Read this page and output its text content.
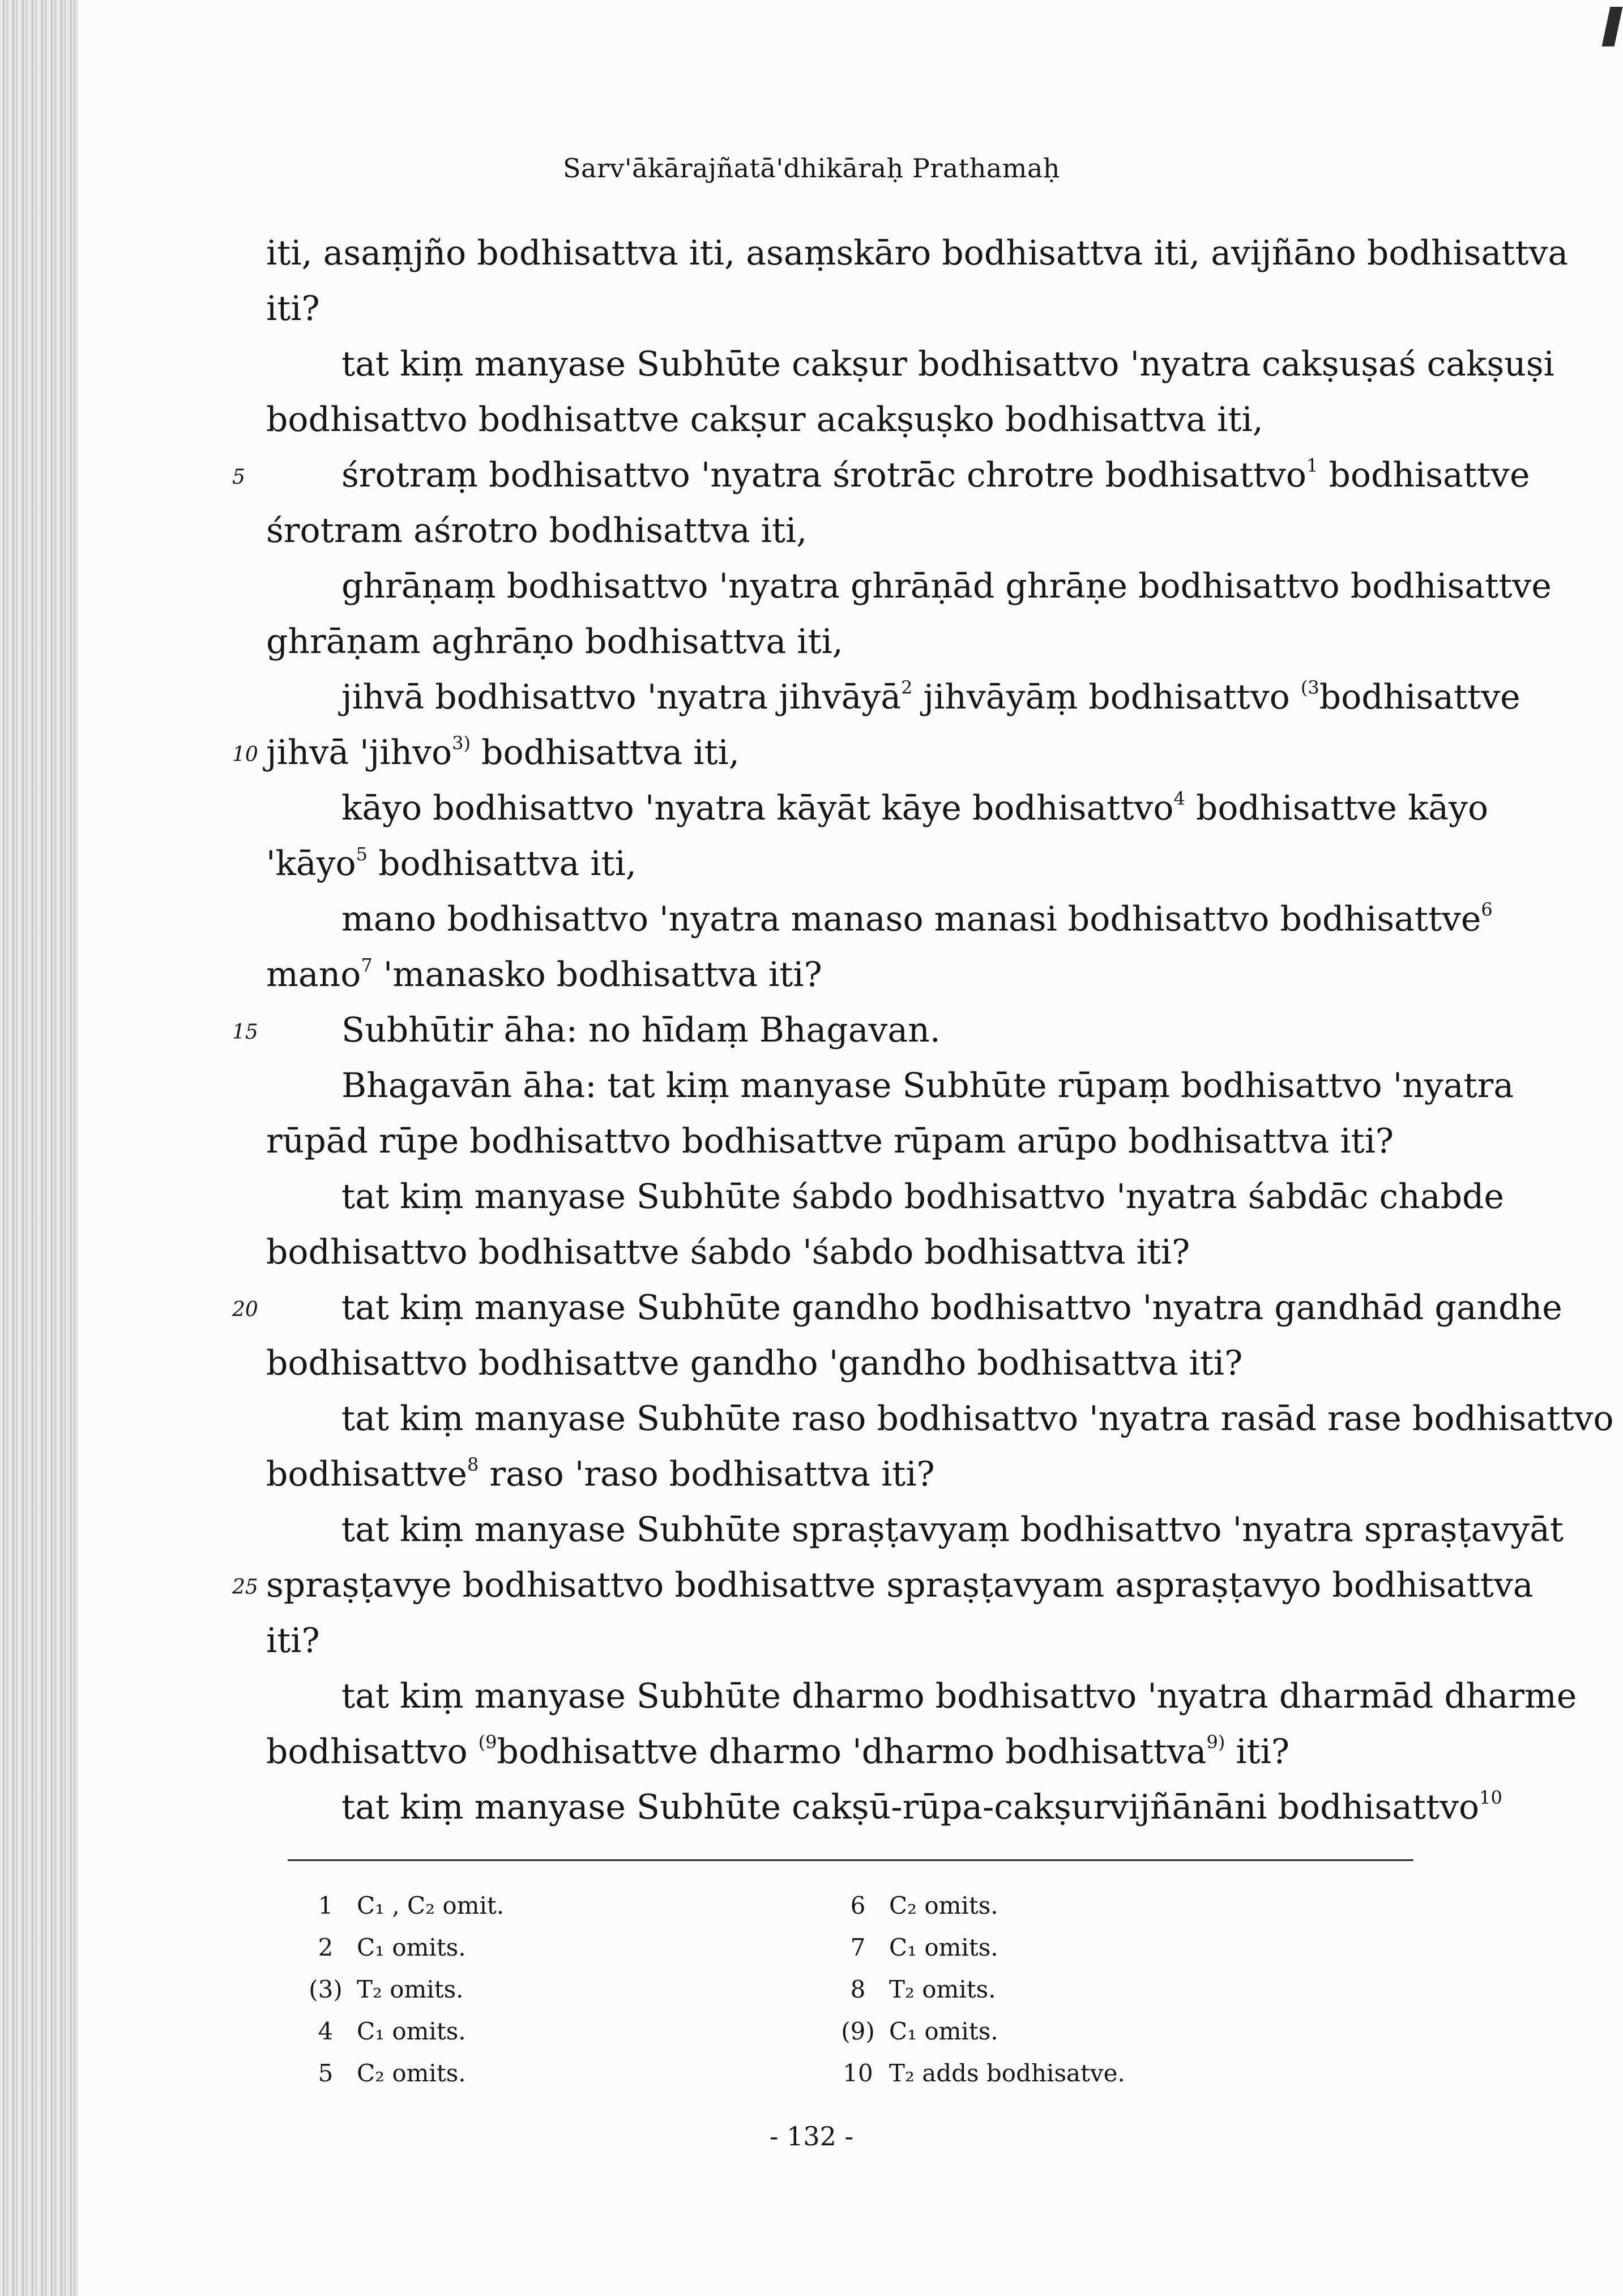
Sarv'ākārajñatā'dhikāraḥ Prathamaḥ
iti, asaṃjño bodhisattva iti, asaṃskāro bodhisattva iti, avijñāno bodhisattva
iti?
tat kiṃ manyase Subhūte cakṣur bodhisattvo 'nyatra cakṣuṣaś cakṣuṣi
bodhisattvo bodhisattve cakṣur acakṣuṣko bodhisattva iti,
5	śrotraṃ bodhisattvo 'nyatra śrotrāc chrotre bodhisattvo$^1$ bodhisattve
śrotram aśrotro bodhisattva iti,
ghrāṇaṃ bodhisattvo 'nyatra ghrāṇād ghrāṇe bodhisattvo bodhisattve
ghrāṇam aghrāṇo bodhisattva iti,
jihvā bodhisattvo 'nyatra jihvāyā$^2$ jihvāyāṃ bodhisattvo $^{(3}$bodhisattve
10 jihvā 'jihvo$^{3)}$ bodhisattva iti,
kāyo bodhisattvo 'nyatra kāyāt kāye bodhisattvo$^4$ bodhisattve kāyo
'kāyo$^5$ bodhisattva iti,
mano bodhisattvo 'nyatra manaso manasi bodhisattvo bodhisattve$^6$
mano$^7$ 'manasko bodhisattva iti?
15 Subhūtir āha: no hīdaṃ Bhagavan.
Bhagavān āha: tat kiṃ manyase Subhūte rūpaṃ bodhisattvo 'nyatra
rūpād rūpe bodhisattvo bodhisattve rūpam arūpo bodhisattva iti?
tat kiṃ manyase Subhūte śabdo bodhisattvo 'nyatra śabdāc chabde
bodhisattvo bodhisattve śabdo 'śabdo bodhisattva iti?
20 tat kiṃ manyase Subhūte gandho bodhisattvo 'nyatra gandhād gandhe
bodhisattvo bodhisattve gandho 'gandho bodhisattva iti?
tat kiṃ manyase Subhūte raso bodhisattvo 'nyatra rasād rase bodhisattvo
bodhisattve$^8$ raso 'raso bodhisattva iti?
tat kiṃ manyase Subhūte spraṣṭavyaṃ bodhisattvo 'nyatra spraṣṭavyāt
25 spraṣṭavye bodhisattvo bodhisattve spraṣṭavyam aspraṣṭavyo bodhisattva
iti?
tat kiṃ manyase Subhūte dharmo bodhisattvo 'nyatra dharmād dharme
bodhisattvo $^{(9}$bodhisattve dharmo 'dharmo bodhisattva$^{9)}$ iti?
tat kiṃ manyase Subhūte cakṣū-rūpa-cakṣurvijñānāni bodhisattvo$^{10}$
1 C₁ , C₂ omit.
2 C₁ omits.
(3) T₂ omits.
4 C₁ omits.
5 C₂ omits.
6 C₂ omits.
7 C₁ omits.
8 T₂ omits.
(9) C₁ omits.
10 T₂ adds bodhisatve.
- 132 -
